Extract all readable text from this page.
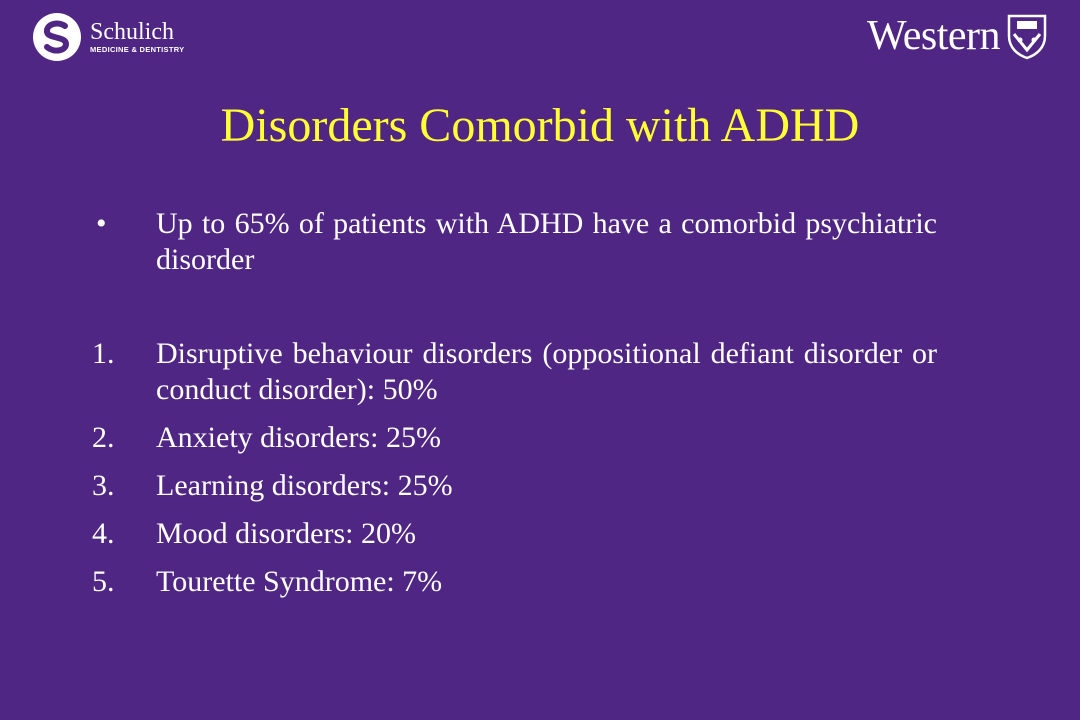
Schulich
MEDICINE & DENTISTRY	Western
Disorders Comorbid with ADHD
•	Up to 65% of patients with ADHD have a comorbid psychiatric disorder
1.	Disruptive behaviour disorders (oppositional defiant disorder or conduct disorder): 50%
2.	Anxiety disorders: 25%
3.	Learning disorders: 25%
4.	Mood disorders: 20%
5.	Tourette Syndrome: 7%
